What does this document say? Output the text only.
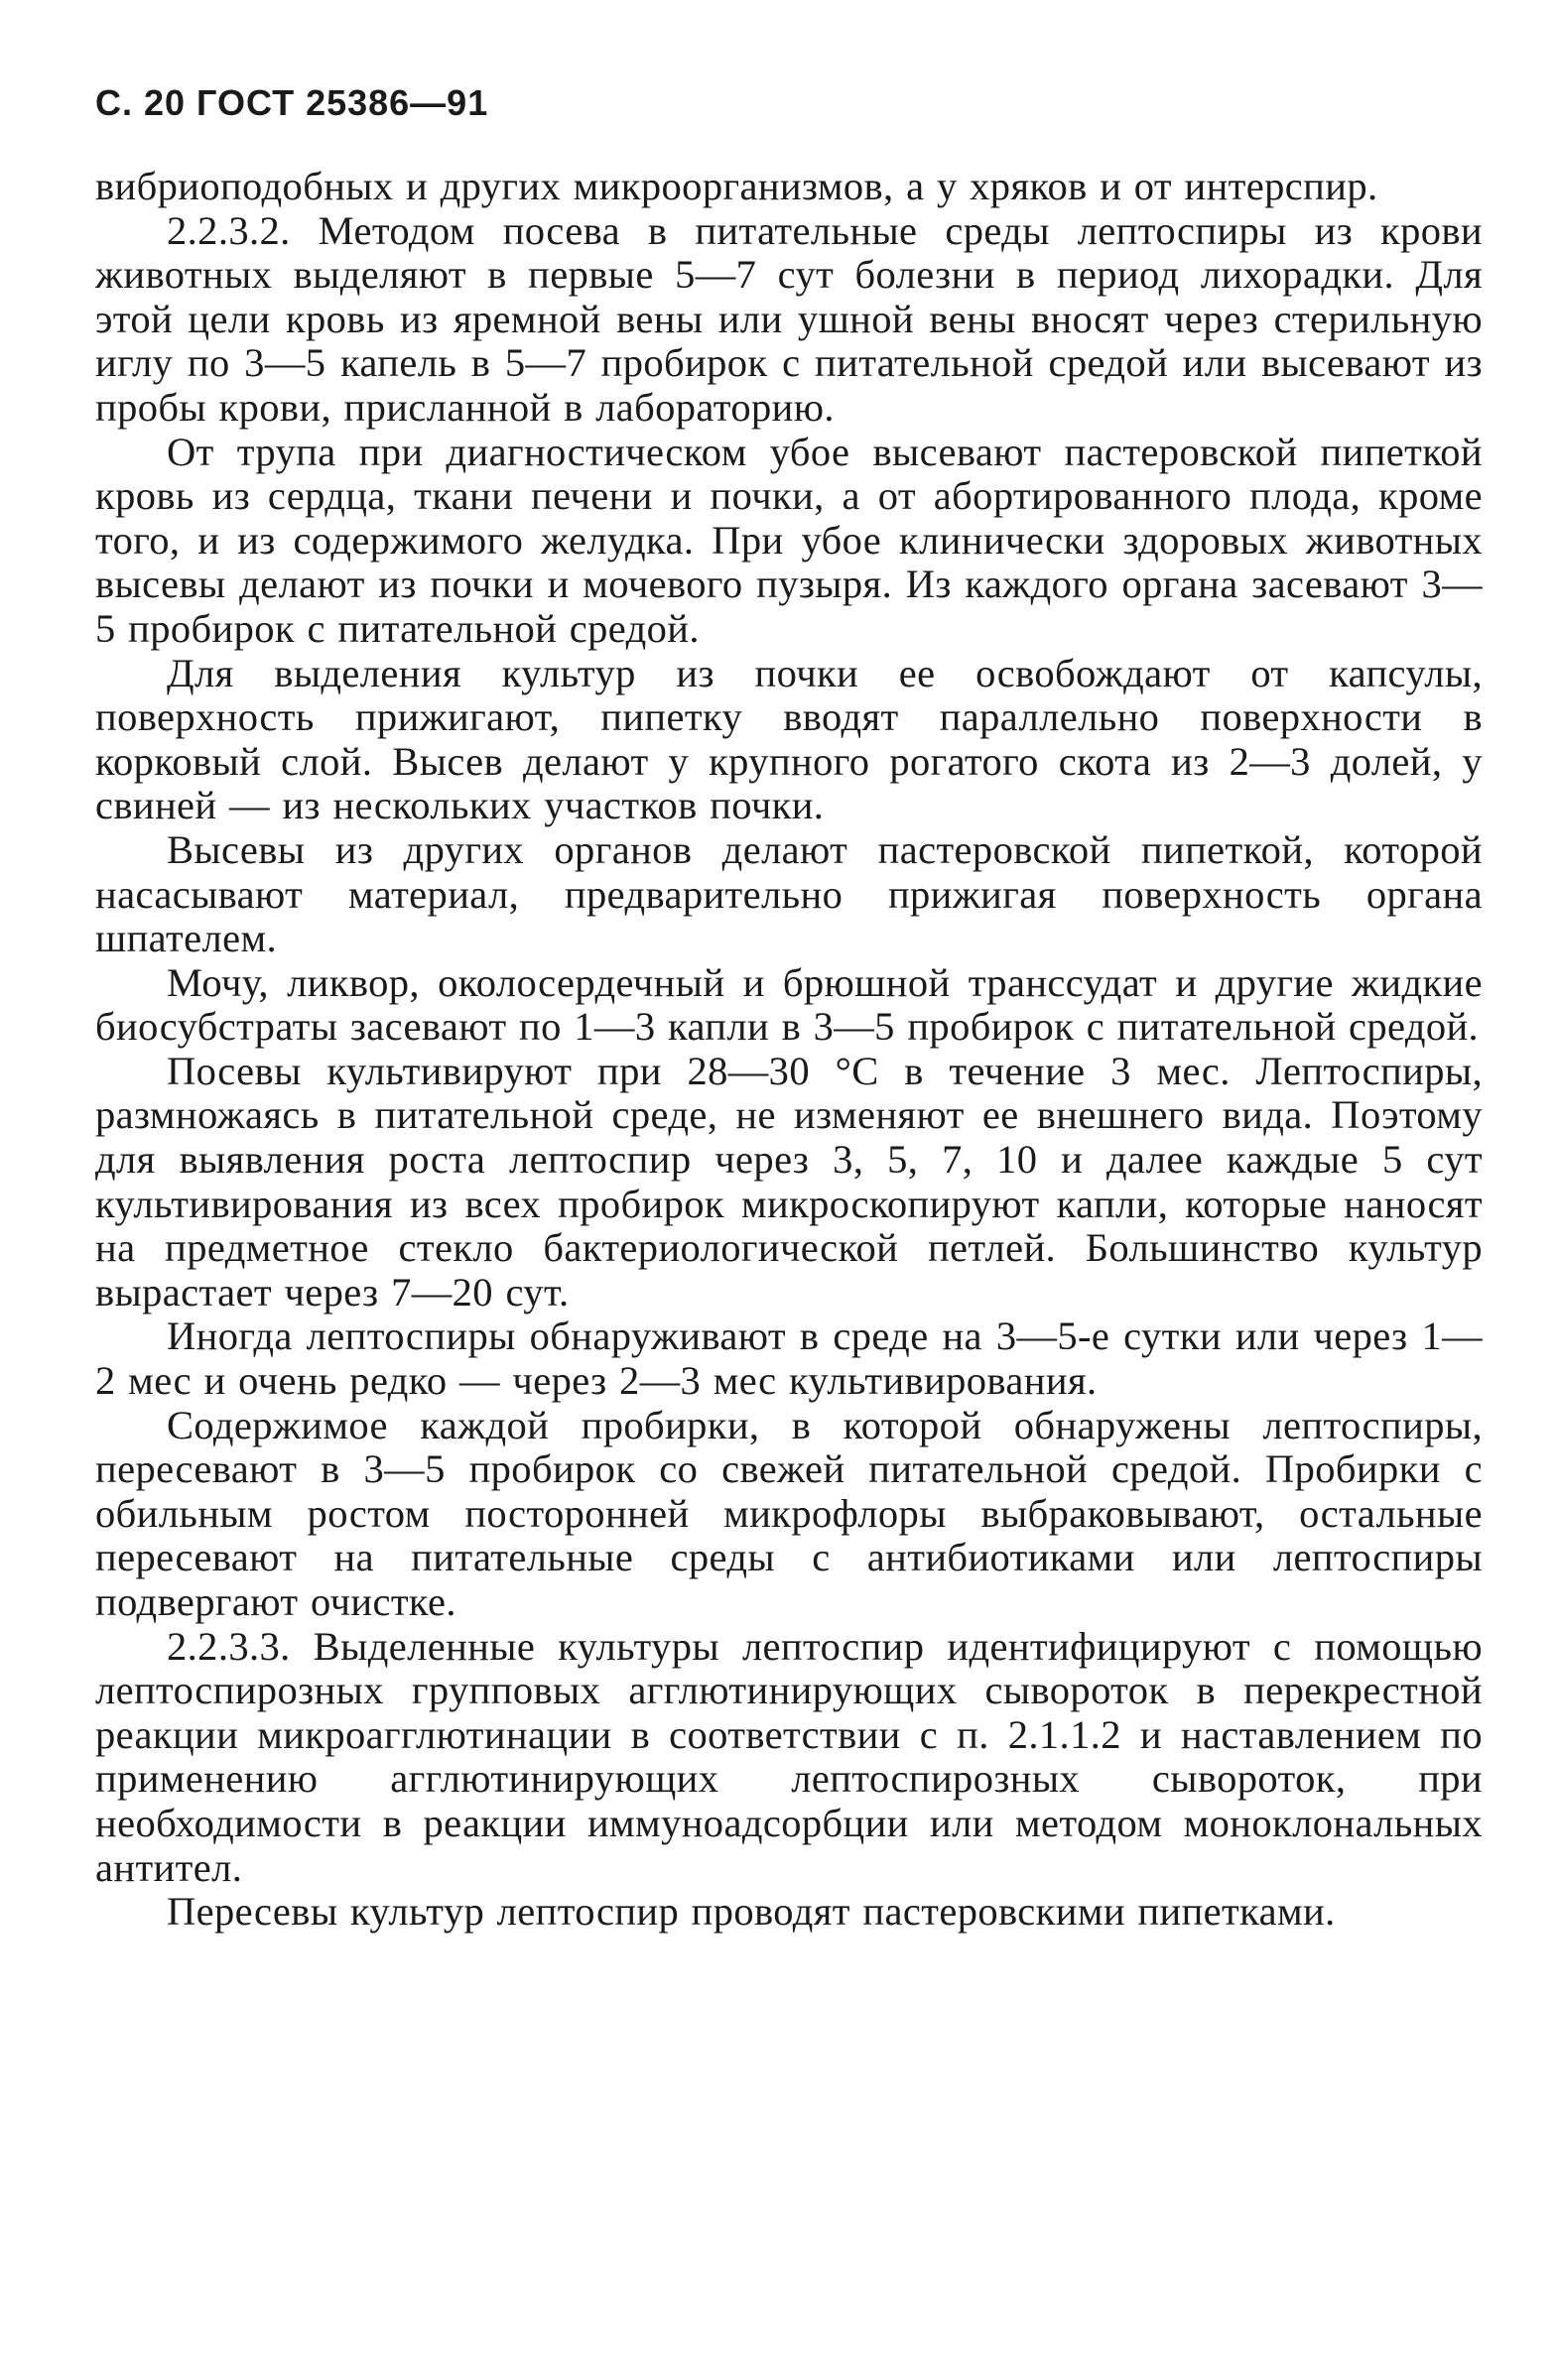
С. 20 ГОСТ 25386—91

вибриоподобных и других микроорганизмов, а у хряков и от интерспир.

2.2.3.2. Методом посева в питательные среды лептоспиры из крови животных выделяют в первые 5—7 сут болезни в период лихорадки. Для этой цели кровь из яремной вены или ушной вены вносят через стерильную иглу по 3—5 капель в 5—7 пробирок с питательной средой или высевают из пробы крови, присланной в лабораторию.

От трупа при диагностическом убое высевают пастеровской пипеткой кровь из сердца, ткани печени и почки, а от абортированного плода, кроме того, и из содержимого желудка. При убое клинически здоровых животных высевы делают из почки и мочевого пузыря. Из каждого органа засевают 3—5 пробирок с питательной средой.

Для выделения культур из почки ее освобождают от капсулы, поверхность прижигают, пипетку вводят параллельно поверхности в корковый слой. Высев делают у крупного рогатого скота из 2—3 долей, у свиней — из нескольких участков почки.

Высевы из других органов делают пастеровской пипеткой, которой насасывают материал, предварительно прижигая поверхность органа шпателем.

Мочу, ликвор, околосердечный и брюшной транссудат и другие жидкие биосубстраты засевают по 1—3 капли в 3—5 пробирок с питательной средой.

Посевы культивируют при 28—30 °С в течение 3 мес. Лептоспиры, размножаясь в питательной среде, не изменяют ее внешнего вида. Поэтому для выявления роста лептоспир через 3, 5, 7, 10 и далее каждые 5 сут культивирования из всех пробирок микроскопируют капли, которые наносят на предметное стекло бактериологической петлей. Большинство культур вырастает через 7—20 сут.

Иногда лептоспиры обнаруживают в среде на 3—5-е сутки или через 1—2 мес и очень редко — через 2—3 мес культивирования.

Содержимое каждой пробирки, в которой обнаружены лептоспиры, пересевают в 3—5 пробирок со свежей питательной средой. Пробирки с обильным ростом посторонней микрофлоры выбраковывают, остальные пересевают на питательные среды с антибиотиками или лептоспиры подвергают очистке.

2.2.3.3. Выделенные культуры лептоспир идентифицируют с помощью лептоспирозных групповых агглютинирующих сывороток в перекрестной реакции микроагглютинации в соответствии с п. 2.1.1.2 и наставлением по применению агглютинирующих лептоспирозных сывороток, при необходимости в реакции иммуноадсорбции или методом моноклональных антител.

Пересевы культур лептоспир проводят пастеровскими пипетками.
